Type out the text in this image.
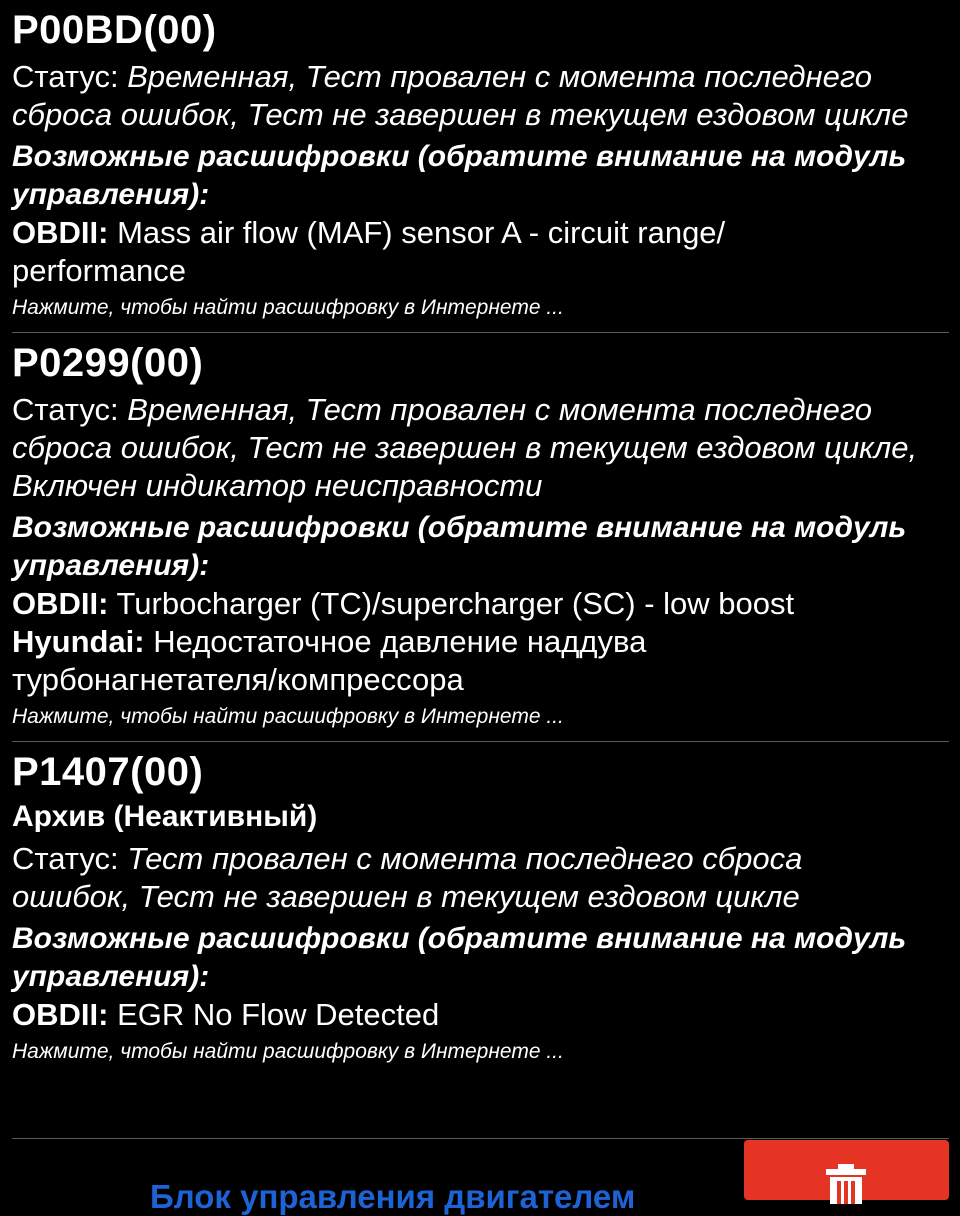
P00BD(00)
Статус: Временная, Тест провален с момента последнего
сброса ошибок, Тест не завершен в текущем ездовом цикле
Возможные расшифровки (обратите внимание на модуль
управления):
OBDII: Mass air flow (MAF) sensor A - circuit range/
performance
Нажмите, чтобы найти расшифровку в Интернете ...
P0299(00)
Статус: Временная, Тест провален с момента последнего
сброса ошибок, Тест не завершен в текущем ездовом цикле,
Включен индикатор неисправности
Возможные расшифровки (обратите внимание на модуль
управления):
OBDII: Turbocharger (TC)/supercharger (SC) - low boost
Hyundai: Недостаточное давление наддува
турбонагнетателя/компрессора
Нажмите, чтобы найти расшифровку в Интернете ...
P1407(00)
Архив (Неактивный)
Статус: Тест провален с момента последнего сброса
ошибок, Тест не завершен в текущем ездовом цикле
Возможные расшифровки (обратите внимание на модуль
управления):
OBDII: EGR No Flow Detected
Нажмите, чтобы найти расшифровку в Интернете ...
Блок управления двигателем
